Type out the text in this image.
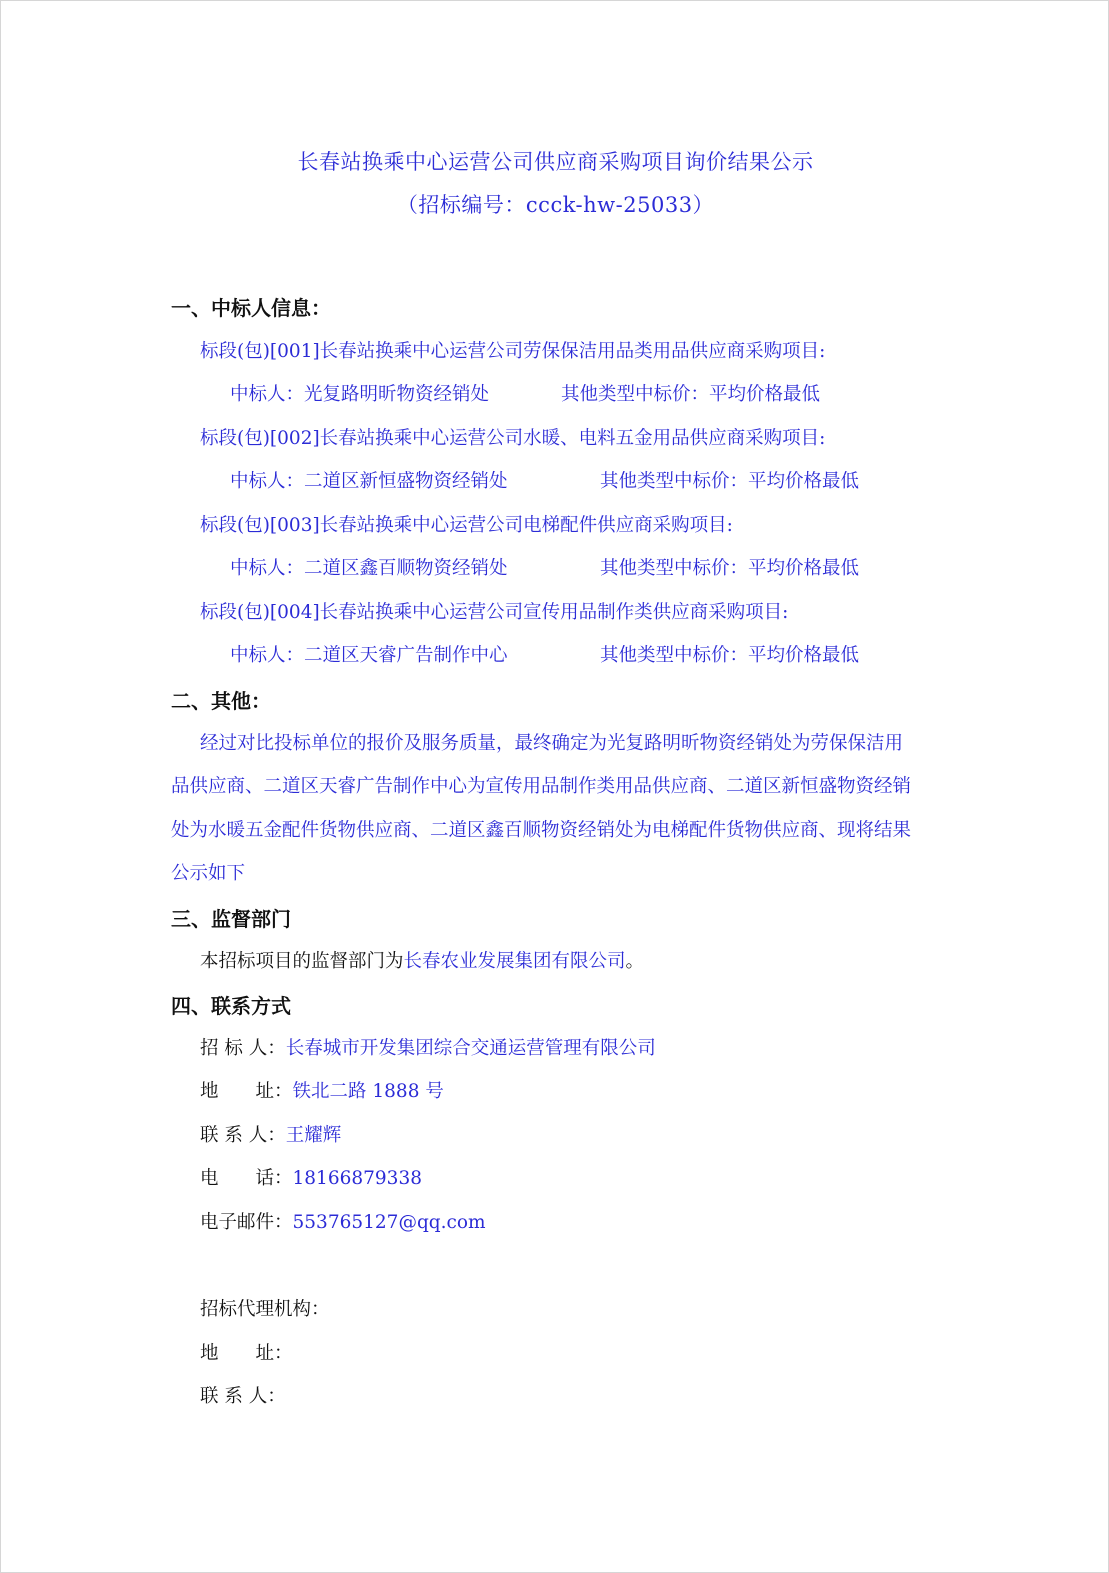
长春站换乘中心运营公司供应商采购项目询价结果公示
（招标编号：ccck-hw-25033）
一、中标人信息：
标段(包)[001]长春站换乘中心运营公司劳保保洁用品类用品供应商采购项目:
中标人：光复路明昕物资经销处	其他类型中标价：平均价格最低
标段(包)[002]长春站换乘中心运营公司水暖、电料五金用品供应商采购项目:
中标人：二道区新恒盛物资经销处	其他类型中标价：平均价格最低
标段(包)[003]长春站换乘中心运营公司电梯配件供应商采购项目:
中标人：二道区鑫百顺物资经销处	其他类型中标价：平均价格最低
标段(包)[004]长春站换乘中心运营公司宣传用品制作类供应商采购项目:
中标人：二道区天睿广告制作中心	其他类型中标价：平均价格最低
二、其他：
经过对比投标单位的报价及服务质量，最终确定为光复路明昕物资经销处为劳保保洁用
品供应商、二道区天睿广告制作中心为宣传用品制作类用品供应商、二道区新恒盛物资经销
处为水暖五金配件货物供应商、二道区鑫百顺物资经销处为电梯配件货物供应商、现将结果
公示如下
三、监督部门
本招标项目的监督部门为长春农业发展集团有限公司。
四、联系方式
招 标 人：长春城市开发集团综合交通运营管理有限公司
地　　址：铁北二路 1888 号
联 系 人：王耀辉
电　　话：18166879338
电子邮件：553765127@qq.com
招标代理机构：
地　　址：
联 系 人：
